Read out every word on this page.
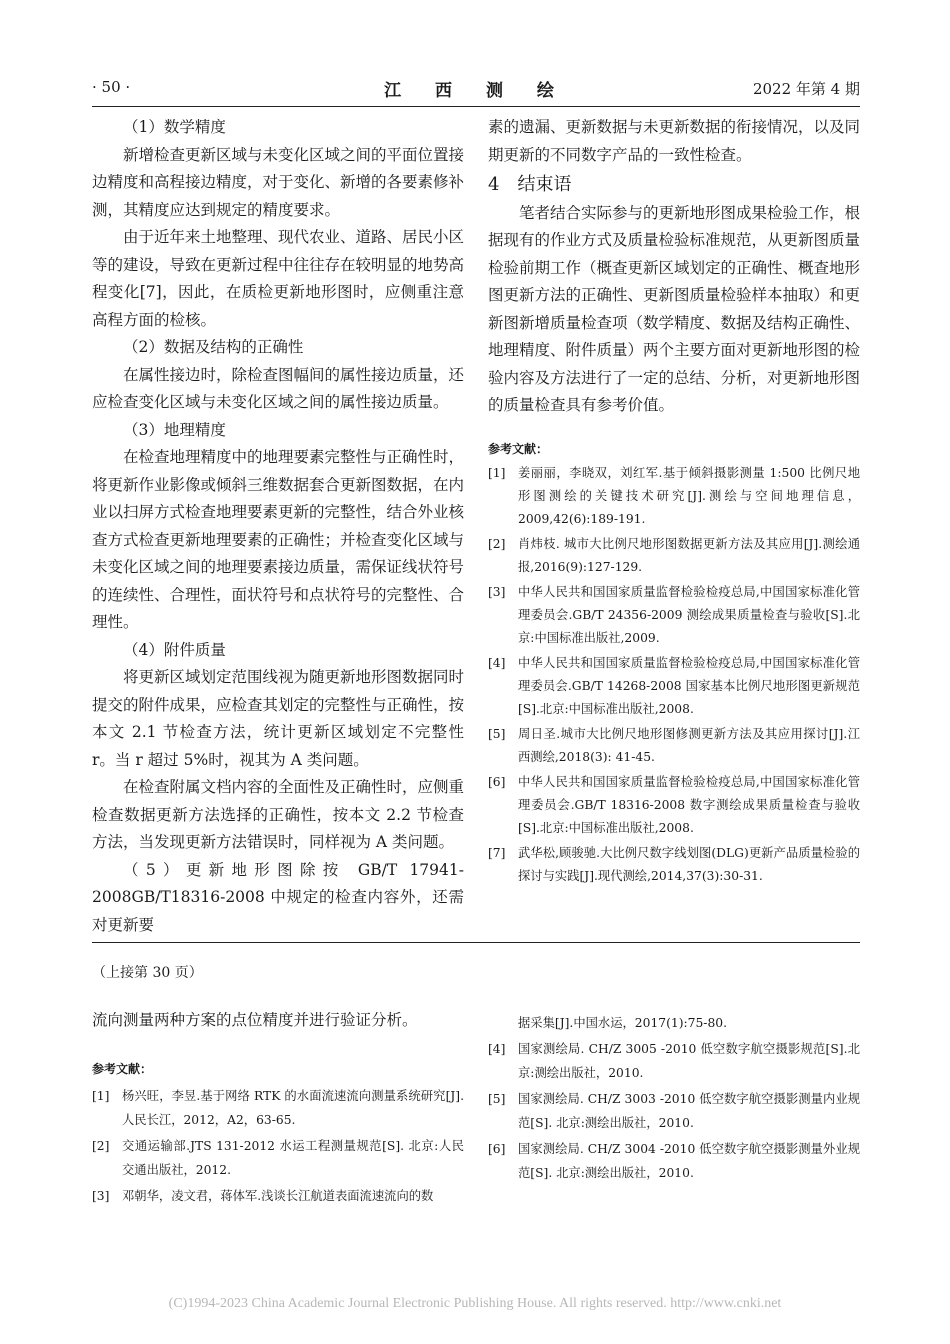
· 50 ·	江 西 测 绘	2022 年第 4 期

（1）数学精度

新增检查更新区域与未变化区域之间的平面位置接边精度和高程接边精度，对于变化、新增的各要素修补测，其精度应达到规定的精度要求。

由于近年来土地整理、现代农业、道路、居民小区等的建设，导致在更新过程中往往存在较明显的地势高程变化[7]，因此，在质检更新地形图时，应侧重注意高程方面的检核。

（2）数据及结构的正确性

在属性接边时，除检查图幅间的属性接边质量，还应检查变化区域与未变化区域之间的属性接边质量。

（3）地理精度

在检查地理精度中的地理要素完整性与正确性时，将更新作业影像或倾斜三维数据套合更新图数据，在内业以扫屏方式检查地理要素更新的完整性，结合外业核查方式检查更新地理要素的正确性；并检查变化区域与未变化区域之间的地理要素接边质量，需保证线状符号的连续性、合理性，面状符号和点状符号的完整性、合理性。

（4）附件质量

将更新区域划定范围线视为随更新地形图数据同时提交的附件成果，应检查其划定的完整性与正确性，按本文 2.1 节检查方法，统计更新区域划定不完整性 r。当 r 超过 5%时，视其为 A 类问题。

在检查附属文档内容的全面性及正确性时，应侧重检查数据更新方法选择的正确性，按本文 2.2 节检查方法，当发现更新方法错误时，同样视为 A 类问题。

（5）更新地形图除按 GB/T 17941-2008GB/T18316-2008 中规定的检查内容外，还需对更新要

素的遗漏、更新数据与未更新数据的衔接情况，以及同期更新的不同数字产品的一致性检查。

4 结束语

笔者结合实际参与的更新地形图成果检验工作，根据现有的作业方式及质量检验标准规范，从更新图质量检验前期工作（概查更新区域划定的正确性、概查地形图更新方法的正确性、更新图质量检验样本抽取）和更新图新增质量检查项（数学精度、数据及结构正确性、地理精度、附件质量）两个主要方面对更新地形图的检验内容及方法进行了一定的总结、分析，对更新地形图的质量检查具有参考价值。

参考文献：
[1] 姜丽丽，李晓双，刘红军.基于倾斜摄影测量 1:500 比例尺地形图测绘的关键技术研究[J].测绘与空间地理信息，2009,42(6):189-191.
[2] 肖炜枝. 城市大比例尺地形图数据更新方法及其应用[J].测绘通报,2016(9):127-129.
[3] 中华人民共和国国家质量监督检验检疫总局,中国国家标准化管理委员会.GB/T 24356-2009 测绘成果质量检查与验收[S].北京:中国标准出版社,2009.
[4] 中华人民共和国国家质量监督检验检疫总局,中国国家标准化管理委员会.GB/T 14268-2008 国家基本比例尺地形图更新规范[S].北京:中国标准出版社,2008.
[5] 周日圣.城市大比例尺地形图修测更新方法及其应用探讨[J].江西测绘,2018(3): 41-45.
[6] 中华人民共和国国家质量监督检验检疫总局,中国国家标准化管理委员会.GB/T 18316-2008 数字测绘成果质量检查与验收[S].北京:中国标准出版社,2008.
[7] 武华松,顾骏驰.大比例尺数字线划图(DLG)更新产品质量检验的探讨与实践[J].现代测绘,2014,37(3):30-31.
（上接第 30 页）

流向测量两种方案的点位精度并进行验证分析。

参考文献：
[1] 杨兴旺，李昱.基于网络 RTK 的水面流速流向测量系统研究[J].人民长江，2012，A2，63-65.
[2] 交通运输部.JTS 131-2012 水运工程测量规范[S]. 北京:人民交通出版社，2012.
[3] 邓朝华，凌文君，蒋体军.浅谈长江航道表面流速流向的数
据采集[J].中国水运，2017(1):75-80.
[4] 国家测绘局. CH/Z 3005 -2010 低空数字航空摄影规范[S].北京:测绘出版社，2010.
[5] 国家测绘局. CH/Z 3003 -2010 低空数字航空摄影测量内业规范[S]. 北京:测绘出版社，2010.
[6] 国家测绘局. CH/Z 3004 -2010 低空数字航空摄影测量外业规范[S]. 北京:测绘出版社，2010.
(C)1994-2023 China Academic Journal Electronic Publishing House. All rights reserved. http://www.cnki.net
